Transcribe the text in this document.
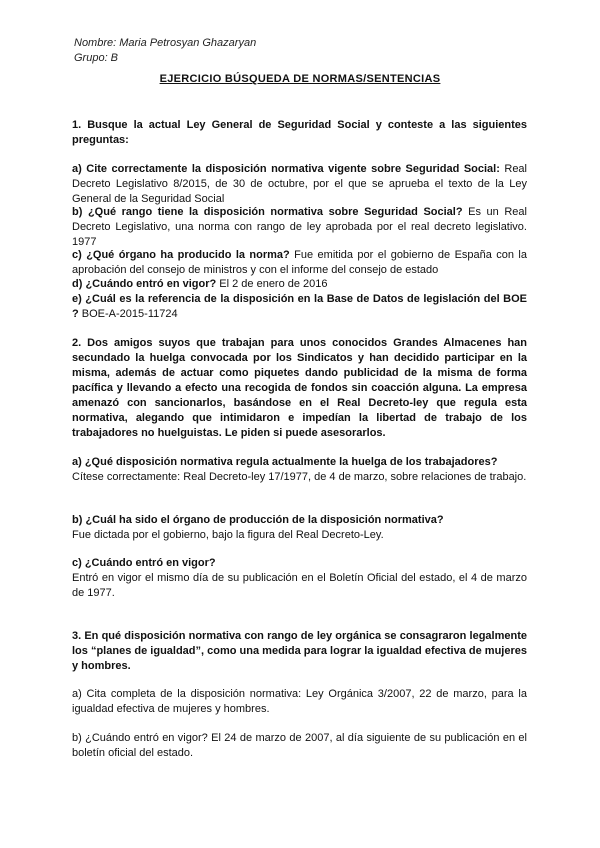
Nombre: Maria Petrosyan Ghazaryan
Grupo: B
EJERCICIO BÚSQUEDA DE NORMAS/SENTENCIAS
1. Busque la actual Ley General de Seguridad Social y conteste a las siguientes preguntas:

a) Cite correctamente la disposición normativa vigente sobre Seguridad Social: Real Decreto Legislativo 8/2015, de 30 de octubre, por el que se aprueba el texto de la Ley General de la Seguridad Social

b) ¿Qué rango tiene la disposición normativa sobre Seguridad Social? Es un Real Decreto Legislativo, una norma con rango de ley aprobada por el real decreto legislativo. 1977

c) ¿Qué órgano ha producido la norma? Fue emitida por el gobierno de España con la aprobación del consejo de ministros y con el informe del consejo de estado

d) ¿Cuándo entró en vigor? El 2 de enero de 2016

e) ¿Cuál es la referencia de la disposición en la Base de Datos de legislación del BOE ? BOE-A-2015-11724

2. Dos amigos suyos que trabajan para unos conocidos Grandes Almacenes han secundado la huelga convocada por los Sindicatos y han decidido participar en la misma, además de actuar como piquetes dando publicidad de la misma de forma pacífica y llevando a efecto una recogida de fondos sin coacción alguna. La empresa amenazó con sancionarlos, basándose en el Real Decreto-ley que regula esta normativa, alegando que intimidaron e impedían la libertad de trabajo de los trabajadores no huelguistas. Le piden si puede asesorarlos.
a) ¿Qué disposición normativa regula actualmente la huelga de los trabajadores?
Cítese correctamente: Real Decreto-ley 17/1977, de 4 de marzo, sobre relaciones de trabajo.
b) ¿Cuál ha sido el órgano de producción de la disposición normativa?
Fue dictada por el gobierno, bajo la figura del Real Decreto-Ley.
c) ¿Cuándo entró en vigor?
Entró en vigor el mismo día de su publicación en el Boletín Oficial del estado, el 4 de marzo de 1977.
3. En qué disposición normativa con rango de ley orgánica se consagraron legalmente los “planes de igualdad”, como una medida para lograr la igualdad efectiva de mujeres y hombres.
a) Cita completa de la disposición normativa: Ley Orgánica 3/2007, 22 de marzo, para la igualdad efectiva de mujeres y hombres.
b) ¿Cuándo entró en vigor? El 24 de marzo de 2007, al día siguiente de su publicación en el boletín oficial del estado.
